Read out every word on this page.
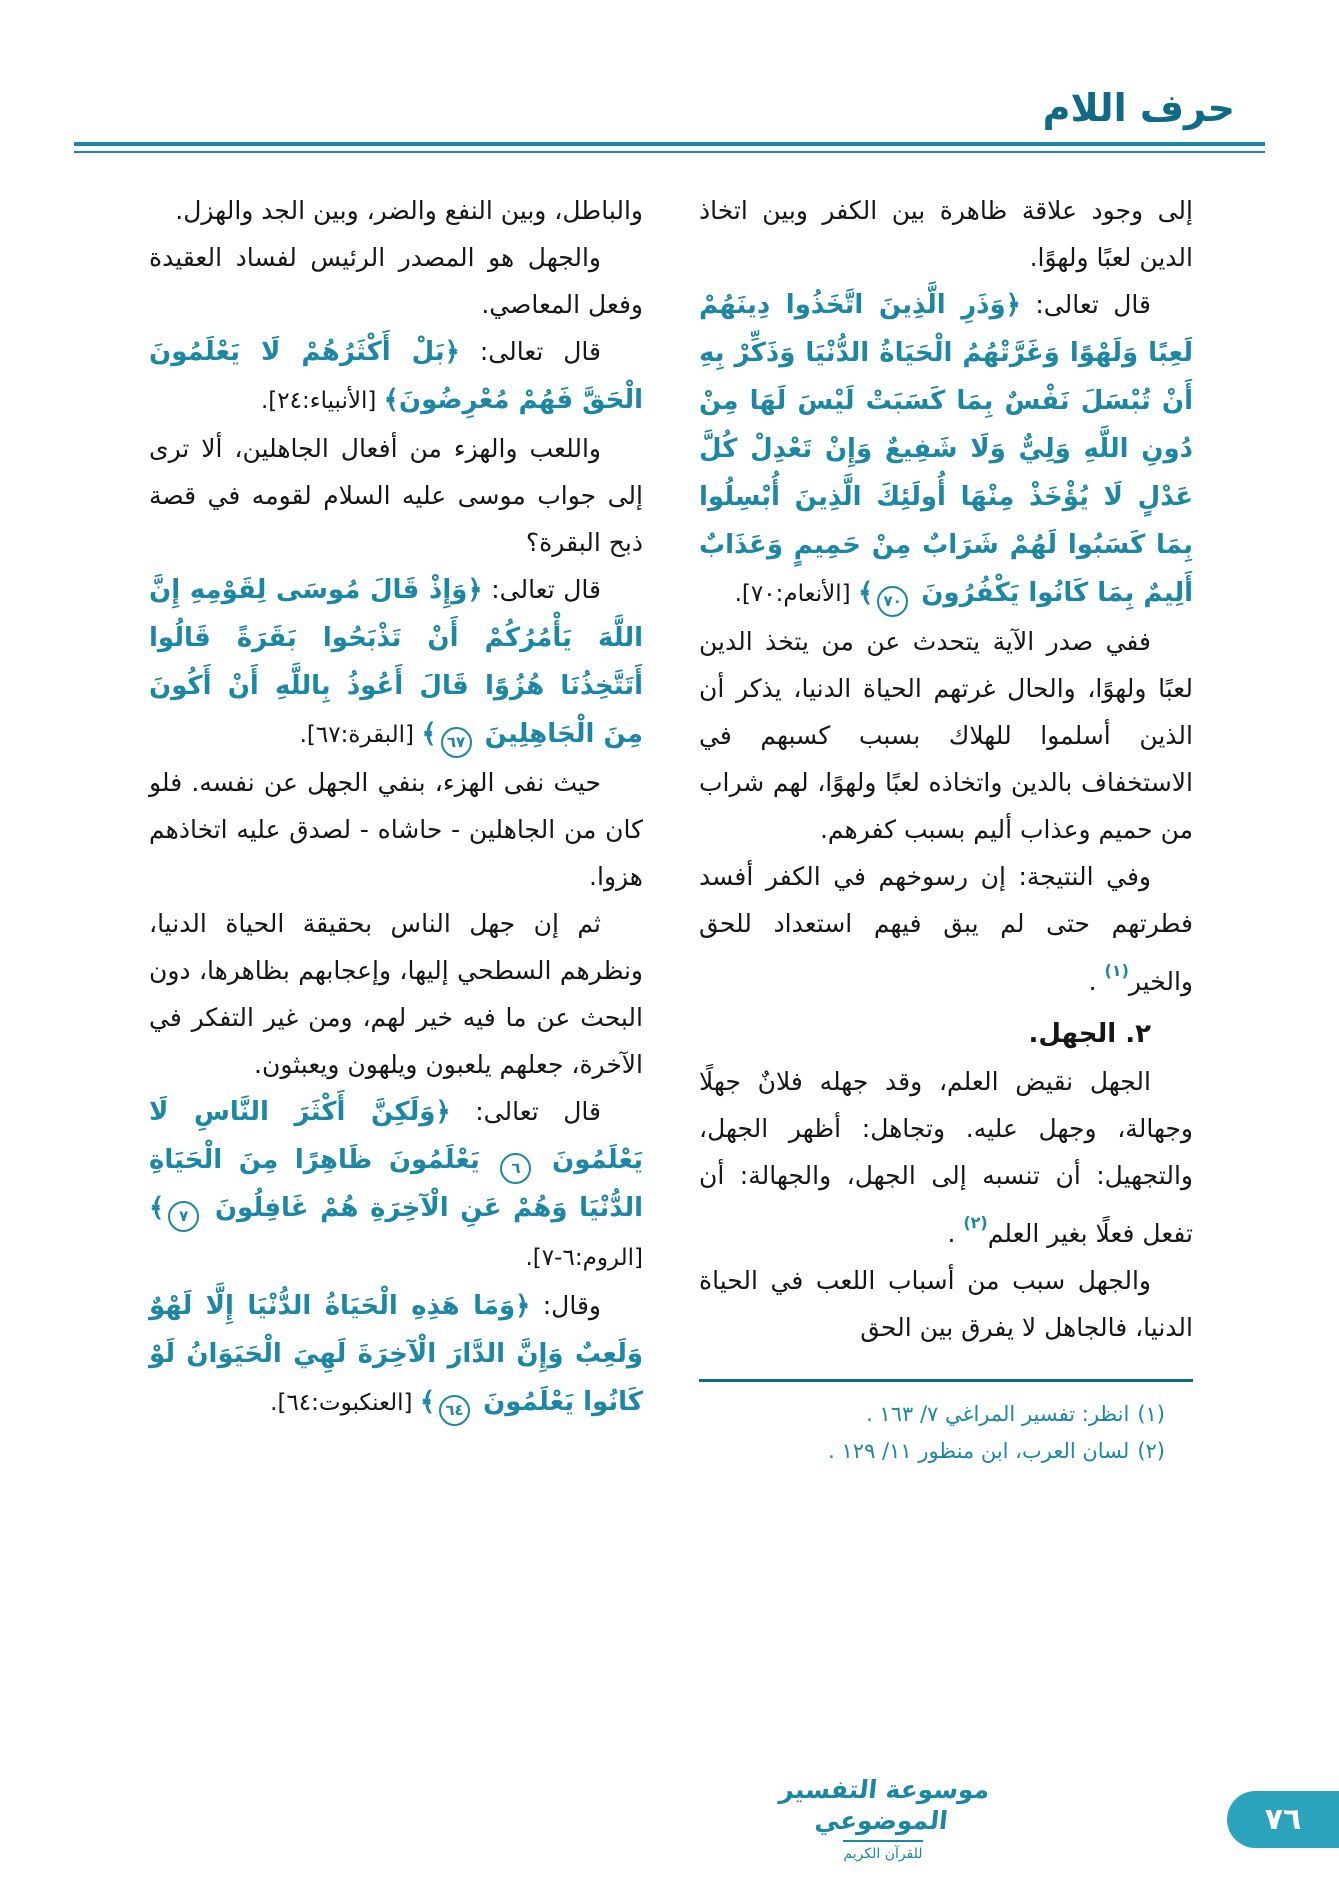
حرف اللام

إلى وجود علاقة ظاهرة بين الكفر وبين اتخاذ الدين لعبًا ولهوًا.

قال تعالى: ﴿وَذَرِ الَّذِينَ اتَّخَذُوا دِينَهُمْ لَعِبًا وَلَهْوًا وَغَرَّتْهُمُ الْحَيَاةُ الدُّنْيَا وَذَكِّرْ بِهِ أَنْ تُبْسَلَ نَفْسٌ بِمَا كَسَبَتْ لَيْسَ لَهَا مِنْ دُونِ اللَّهِ وَلِيٌّ وَلَا شَفِيعٌ وَإِنْ تَعْدِلْ كُلَّ عَدْلٍ لَا يُؤْخَذْ مِنْهَا أُولَئِكَ الَّذِينَ أُبْسِلُوا بِمَا كَسَبُوا لَهُمْ شَرَابٌ مِنْ حَمِيمٍ وَعَذَابٌ أَلِيمٌ بِمَا كَانُوا يَكْفُرُونَ ٧٠﴾ [الأنعام:٧٠].

ففي صدر الآية يتحدث عن من يتخذ الدين لعبًا ولهوًا، والحال غرتهم الحياة الدنيا، يذكر أن الذين أسلموا للهلاك بسبب كسبهم في الاستخفاف بالدين واتخاذه لعبًا ولهوًا، لهم شراب من حميم وعذاب أليم بسبب كفرهم.

وفي النتيجة: إن رسوخهم في الكفر أفسد فطرتهم حتى لم يبق فيهم استعداد للحق والخير$^{(١)}$ .

٢. الجهل.

الجهل نقيض العلم، وقد جهله فلانٌ جهلًا وجهالة، وجهل عليه. وتجاهل: أظهر الجهل، والتجهيل: أن تنسبه إلى الجهل، والجهالة: أن تفعل فعلًا بغير العلم$^{(٢)}$ .

والجهل سبب من أسباب اللعب في الحياة الدنيا، فالجاهل لا يفرق بين الحق

(١)انظر: تفسير المراغي ٧/ ١٦٣ .
(٢)لسان العرب، ابن منظور ١١/ ١٢٩ .

والباطل، وبين النفع والضر، وبين الجد والهزل.

والجهل هو المصدر الرئيس لفساد العقيدة وفعل المعاصي.

قال تعالى: ﴿بَلْ أَكْثَرُهُمْ لَا يَعْلَمُونَ الْحَقَّ فَهُمْ مُعْرِضُونَ﴾ [الأنبياء:٢٤].

واللعب والهزء من أفعال الجاهلين، ألا ترى إلى جواب موسى عليه السلام لقومه في قصة ذبح البقرة؟

قال تعالى: ﴿وَإِذْ قَالَ مُوسَى لِقَوْمِهِ إِنَّ اللَّهَ يَأْمُرُكُمْ أَنْ تَذْبَحُوا بَقَرَةً قَالُوا أَتَتَّخِذُنَا هُزُوًا قَالَ أَعُوذُ بِاللَّهِ أَنْ أَكُونَ مِنَ الْجَاهِلِينَ ٦٧﴾ [البقرة:٦٧].

حيث نفى الهزء، بنفي الجهل عن نفسه. فلو كان من الجاهلين - حاشاه - لصدق عليه اتخاذهم هزوا.

ثم إن جهل الناس بحقيقة الحياة الدنيا، ونظرهم السطحي إليها، وإعجابهم بظاهرها، دون البحث عن ما فيه خير لهم، ومن غير التفكر في الآخرة، جعلهم يلعبون ويلهون ويعبثون.

قال تعالى: ﴿وَلَكِنَّ أَكْثَرَ النَّاسِ لَا يَعْلَمُونَ ٦ يَعْلَمُونَ ظَاهِرًا مِنَ الْحَيَاةِ الدُّنْيَا وَهُمْ عَنِ الْآخِرَةِ هُمْ غَافِلُونَ ٧﴾ [الروم:٦-٧].

وقال: ﴿وَمَا هَذِهِ الْحَيَاةُ الدُّنْيَا إِلَّا لَهْوٌ وَلَعِبٌ وَإِنَّ الدَّارَ الْآخِرَةَ لَهِيَ الْحَيَوَانُ لَوْ كَانُوا يَعْلَمُونَ ٦٤﴾ [العنكبوت:٦٤].

موسوعة التفسير الموضوعي
للقرآن الكريم
٧٦
